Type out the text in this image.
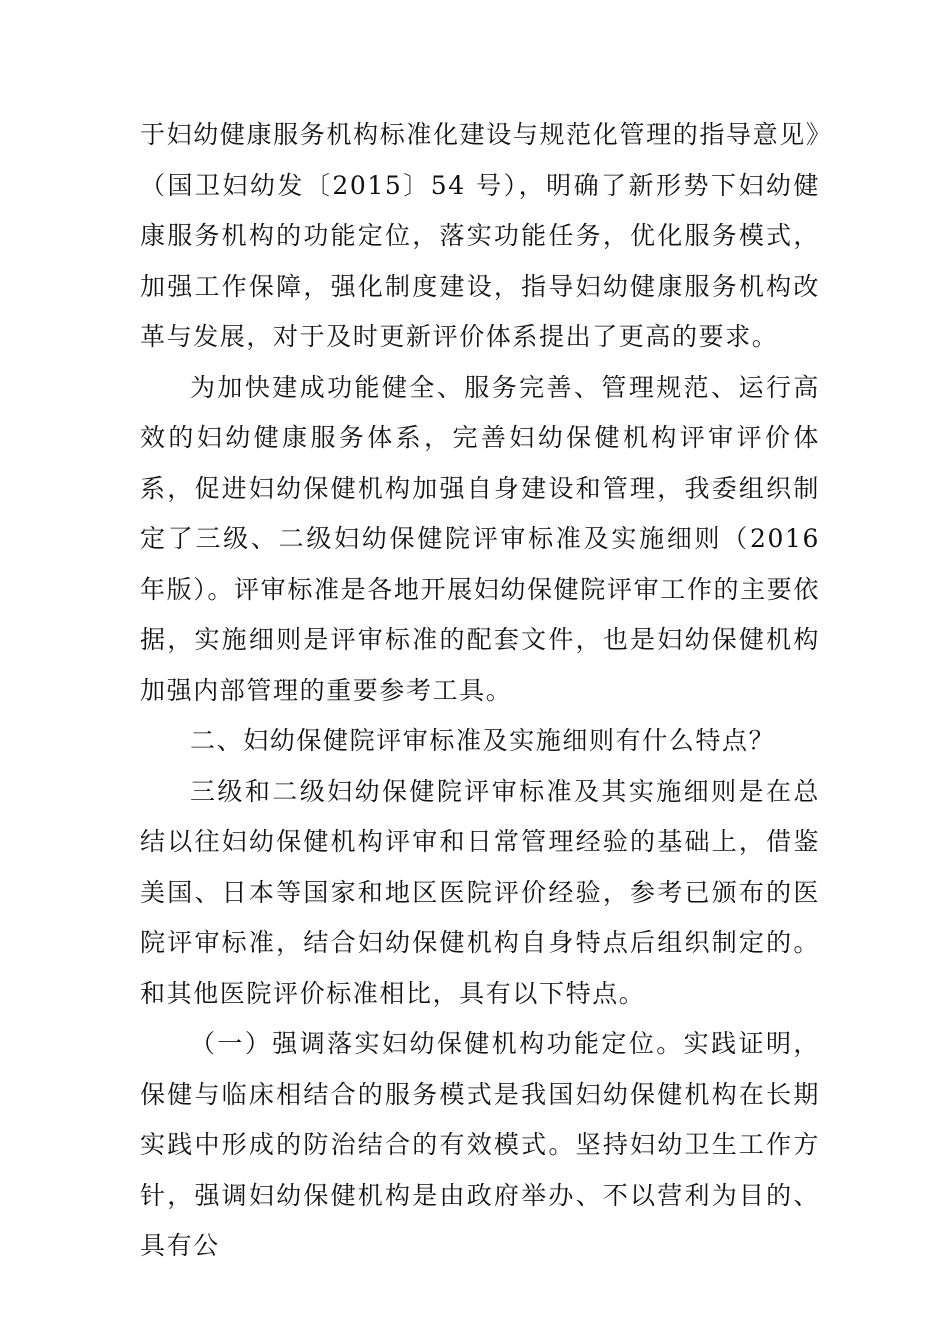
于妇幼健康服务机构标准化建设与规范化管理的指导意见》（国卫妇幼发〔2015〕54 号），明确了新形势下妇幼健康服务机构的功能定位，落实功能任务，优化服务模式，加强工作保障，强化制度建设，指导妇幼健康服务机构改革与发展，对于及时更新评价体系提出了更高的要求。

为加快建成功能健全、服务完善、管理规范、运行高效的妇幼健康服务体系，完善妇幼保健机构评审评价体系，促进妇幼保健机构加强自身建设和管理，我委组织制定了三级、二级妇幼保健院评审标准及实施细则（2016 年版）。评审标准是各地开展妇幼保健院评审工作的主要依据，实施细则是评审标准的配套文件，也是妇幼保健机构加强内部管理的重要参考工具。

二、妇幼保健院评审标准及实施细则有什么特点？

三级和二级妇幼保健院评审标准及其实施细则是在总结以往妇幼保健机构评审和日常管理经验的基础上，借鉴美国、日本等国家和地区医院评价经验，参考已颁布的医院评审标准，结合妇幼保健机构自身特点后组织制定的。和其他医院评价标准相比，具有以下特点。

（一）强调落实妇幼保健机构功能定位。实践证明，保健与临床相结合的服务模式是我国妇幼保健机构在长期实践中形成的防治结合的有效模式。坚持妇幼卫生工作方针，强调妇幼保健机构是由政府举办、不以营利为目的、具有公
